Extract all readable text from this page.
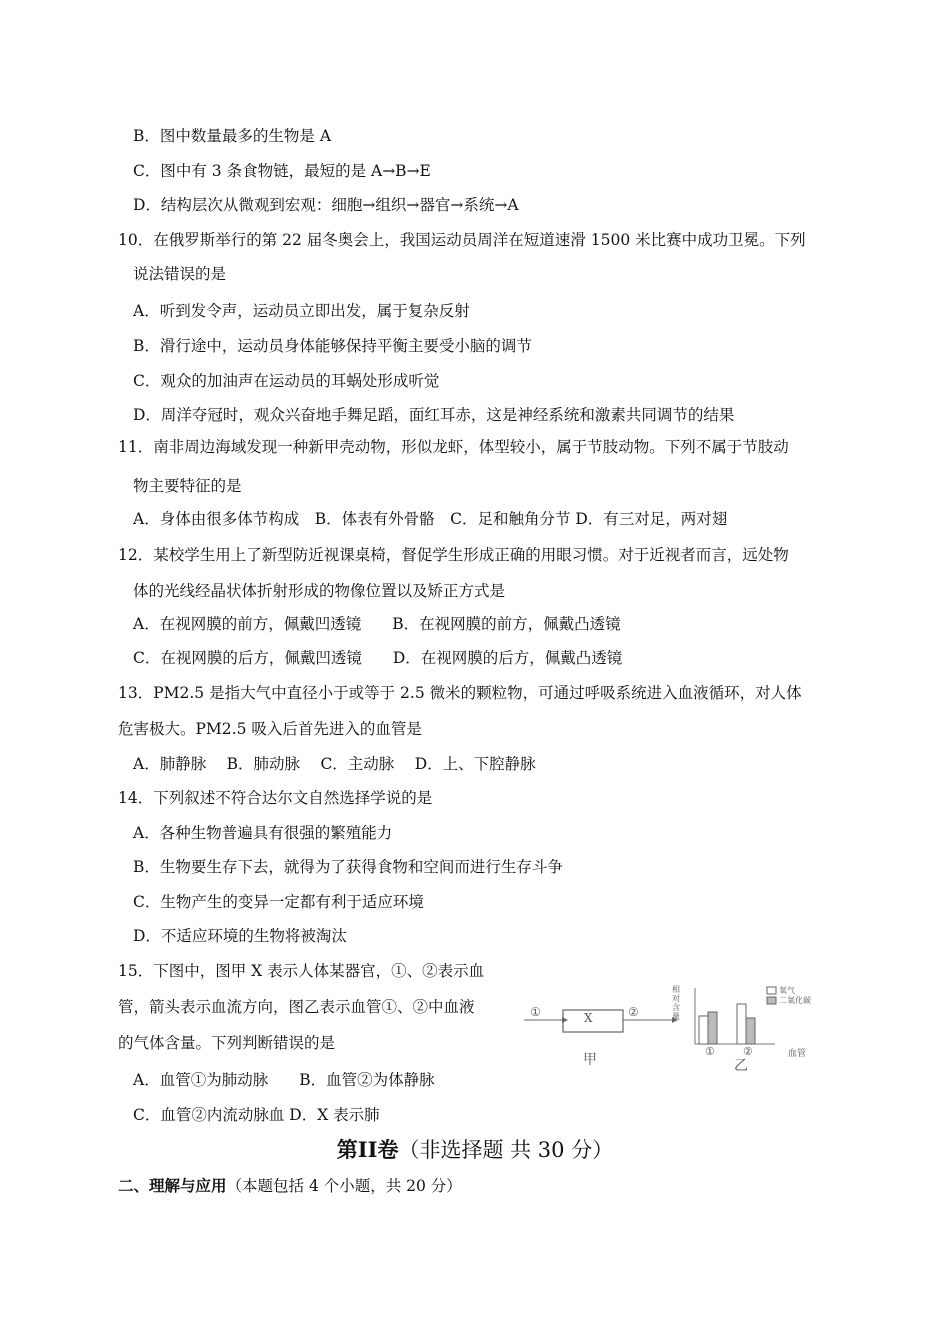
B．图中数量最多的生物是 A
C．图中有 3 条食物链，最短的是 A→B→E
D．结构层次从微观到宏观：细胞→组织→器官→系统→A
10．在俄罗斯举行的第 22 届冬奥会上，我国运动员周洋在短道速滑 1500 米比赛中成功卫冕。下列
说法错误的是
A．听到发令声，运动员立即出发，属于复杂反射
B．滑行途中，运动员身体能够保持平衡主要受小脑的调节
C．观众的加油声在运动员的耳蜗处形成听觉
D．周洋夺冠时，观众兴奋地手舞足蹈，面红耳赤，这是神经系统和激素共同调节的结果
11．南非周边海域发现一种新甲壳动物，形似龙虾，体型较小，属于节肢动物。下列不属于节肢动
物主要特征的是
A．身体由很多体节构成　B．体表有外骨骼　C．足和触角分节 D．有三对足，两对翅
12．某校学生用上了新型防近视课桌椅，督促学生形成正确的用眼习惯。对于近视者而言，远处物
体的光线经晶状体折射形成的物像位置以及矫正方式是
A．在视网膜的前方，佩戴凹透镜　　B．在视网膜的前方，佩戴凸透镜
C．在视网膜的后方，佩戴凹透镜　　D．在视网膜的后方，佩戴凸透镜
13．PM2.5 是指大气中直径小于或等于 2.5 微米的颗粒物，可通过呼吸系统进入血液循环，对人体
危害极大。PM2.5 吸入后首先进入的血管是
A．肺静脉　 B．肺动脉　 C．主动脉　 D．上、下腔静脉
14．下列叙述不符合达尔文自然选择学说的是
A．各种生物普遍具有很强的繁殖能力
B．生物要生存下去，就得为了获得食物和空间而进行生存斗争
C．生物产生的变异一定都有利于适应环境
D．不适应环境的生物将被淘汰
15．下图中，图甲 X 表示人体某器官，①、②表示血
管，箭头表示血流方向，图乙表示血管①、②中血液
的气体含量。下列判断错误的是
A．血管①为肺动脉　　B．血管②为体静脉
C．血管②内流动脉血 D．X 表示肺
①	X	②
甲
相对含量
氧气
二氧化碳
①	②	血管
乙
第II卷（非选择题 共 30 分）
二、理解与应用（本题包括 4 个小题，共 20 分）
